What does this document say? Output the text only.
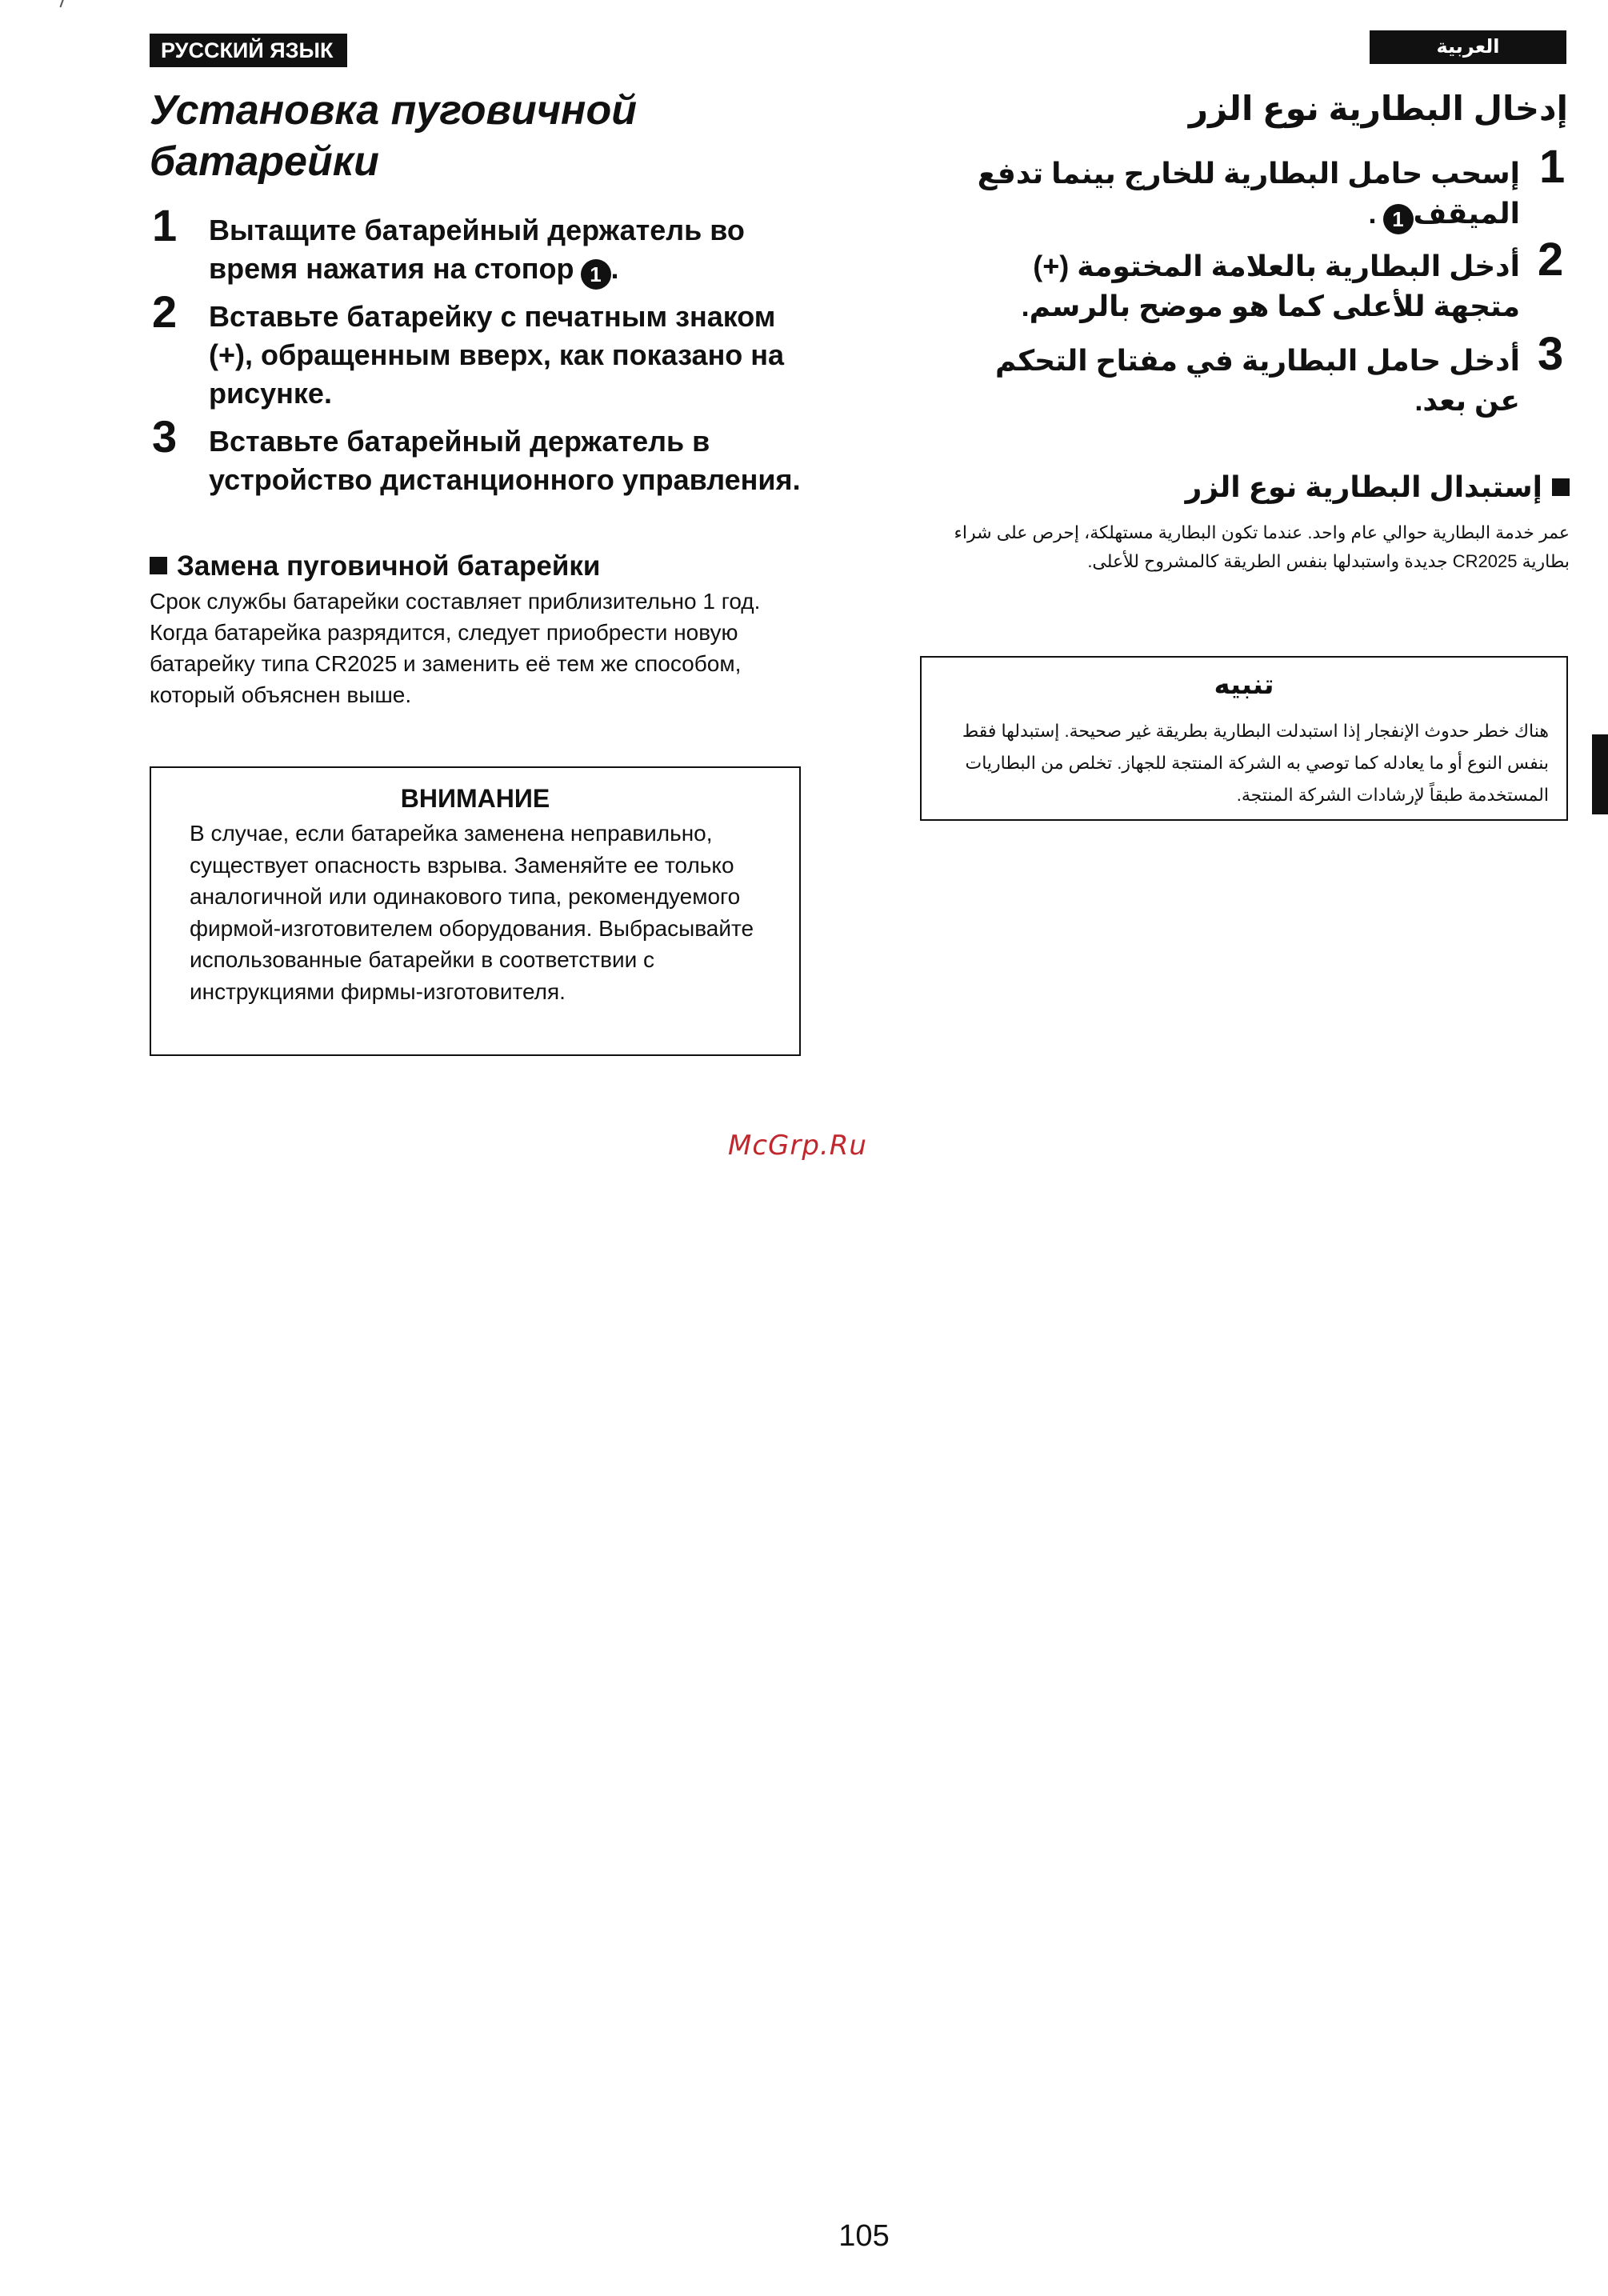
РУССКИЙ ЯЗЫК
Установка пуговичной батарейки
1 Вытащите батарейный держатель во время нажатия на стопор 1 .
2 Вставьте батарейку с печатным знаком (+), обращенным вверх, как показано на рисунке.
3 Вставьте батарейный держатель в устройство дистанционного управления.
Замена пуговичной батарейки
Срок службы батарейки составляет приблизительно 1 год. Когда батарейка разрядится, следует приобрести новую батарейку типа CR2025 и заменить её тем же способом, который объяснен выше.
ВНИМАНИЕ
В случае, если батарейка заменена неправильно, существует опасность взрыва. Заменяйте ее только аналогичной или одинакового типа, рекомендуемого фирмой-изготовителем оборудования. Выбрасывайте использованные батарейки в соответствии с инструкциями фирмы-изготовителя.
McGrp.Ru
العربية
إدخال البطارية نوع الزر
1
إسحب حامل البطارية للخارج بينما تدفع الميقف1.
2
أدخل البطارية بالعلامة المختومة (+) متجهة للأعلى كما هو موضح بالرسم.
3
أدخل حامل البطارية في مفتاح التحكم عن بعد.
إستبدال البطارية نوع الزر
عمر خدمة البطارية حوالي عام واحد. عندما تكون البطارية مستهلكة، إحرص على شراء بطارية CR2025 جديدة واستبدلها بنفس الطريقة كالمشروح للأعلى.
تنبيه
هناك خطر حدوث الإنفجار إذا استبدلت البطارية بطريقة غير صحيحة. إستبدلها فقط بنفس النوع أو ما يعادله كما توصي به الشركة المنتجة للجهاز. تخلص من البطاريات المستخدمة طبقاً لإرشادات الشركة المنتجة.
105
